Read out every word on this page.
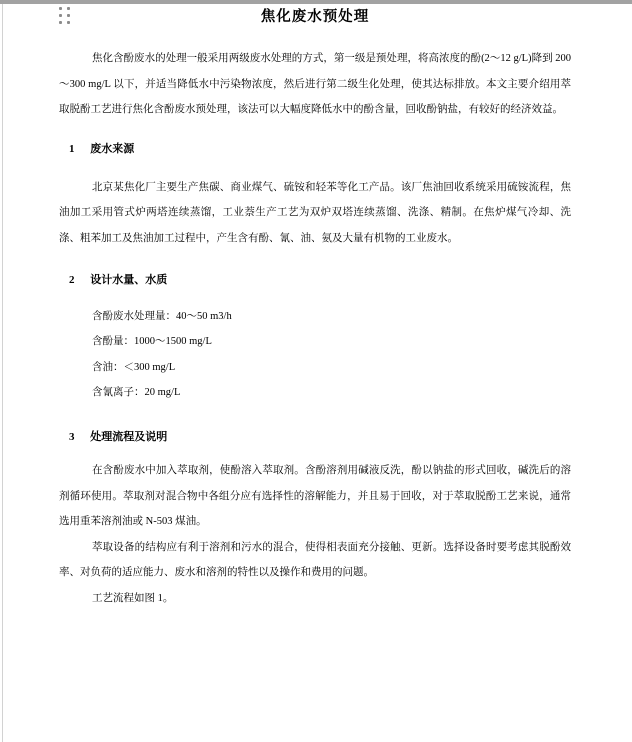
焦化废水预处理

焦化含酚废水的处理一般采用两级废水处理的方式，第一级是预处理，将高浓度的酚(2～12 g/L)降到 200～300 mg/L 以下，并适当降低水中污染物浓度，然后进行第二级生化处理，使其达标排放。本文主要介绍用萃取脱酚工艺进行焦化含酚废水预处理，该法可以大幅度降低水中的酚含量，回收酚钠盐，有较好的经济效益。

1 废水来源

北京某焦化厂主要生产焦碳、商业煤气、硫铵和轻苯等化工产品。该厂焦油回收系统采用硫铵流程，焦油加工采用管式炉两塔连续蒸馏，工业萘生产工艺为双炉双塔连续蒸馏、洗涤、精制。在焦炉煤气冷却、洗涤、粗苯加工及焦油加工过程中，产生含有酚、氰、油、氨及大量有机物的工业废水。

2 设计水量、水质
含酚废水处理量：40～50 m3/h
含酚量：1000～1500 mg/L
含油：＜300 mg/L
含氰离子：20 mg/L
3 处理流程及说明

在含酚废水中加入萃取剂，使酚溶入萃取剂。含酚溶剂用碱液反洗，酚以钠盐的形式回收，碱洗后的溶剂循环使用。萃取剂对混合物中各组分应有选择性的溶解能力，并且易于回收，对于萃取脱酚工艺来说，通常选用重苯溶剂油或 N-503 煤油。

萃取设备的结构应有利于溶剂和污水的混合，使得相表面充分接触、更新。选择设备时要考虑其脱酚效率、对负荷的适应能力、废水和溶剂的特性以及操作和费用的问题。

工艺流程如图 1。
